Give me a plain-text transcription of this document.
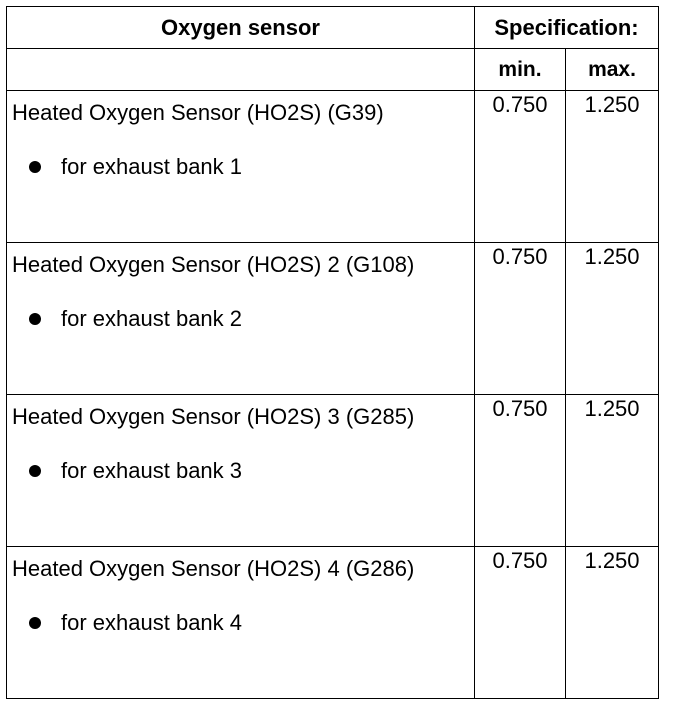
Oxygen sensor	Specification:	
	min.	max.

Heated Oxygen Sensor (HO2S) (G39)
for exhaust bank 1	0.750	1.250

Heated Oxygen Sensor (HO2S) 2 (G108)
for exhaust bank 2	0.750	1.250

Heated Oxygen Sensor (HO2S) 3 (G285)
for exhaust bank 3	0.750	1.250

Heated Oxygen Sensor (HO2S) 4 (G286)
for exhaust bank 4	0.750	1.250
